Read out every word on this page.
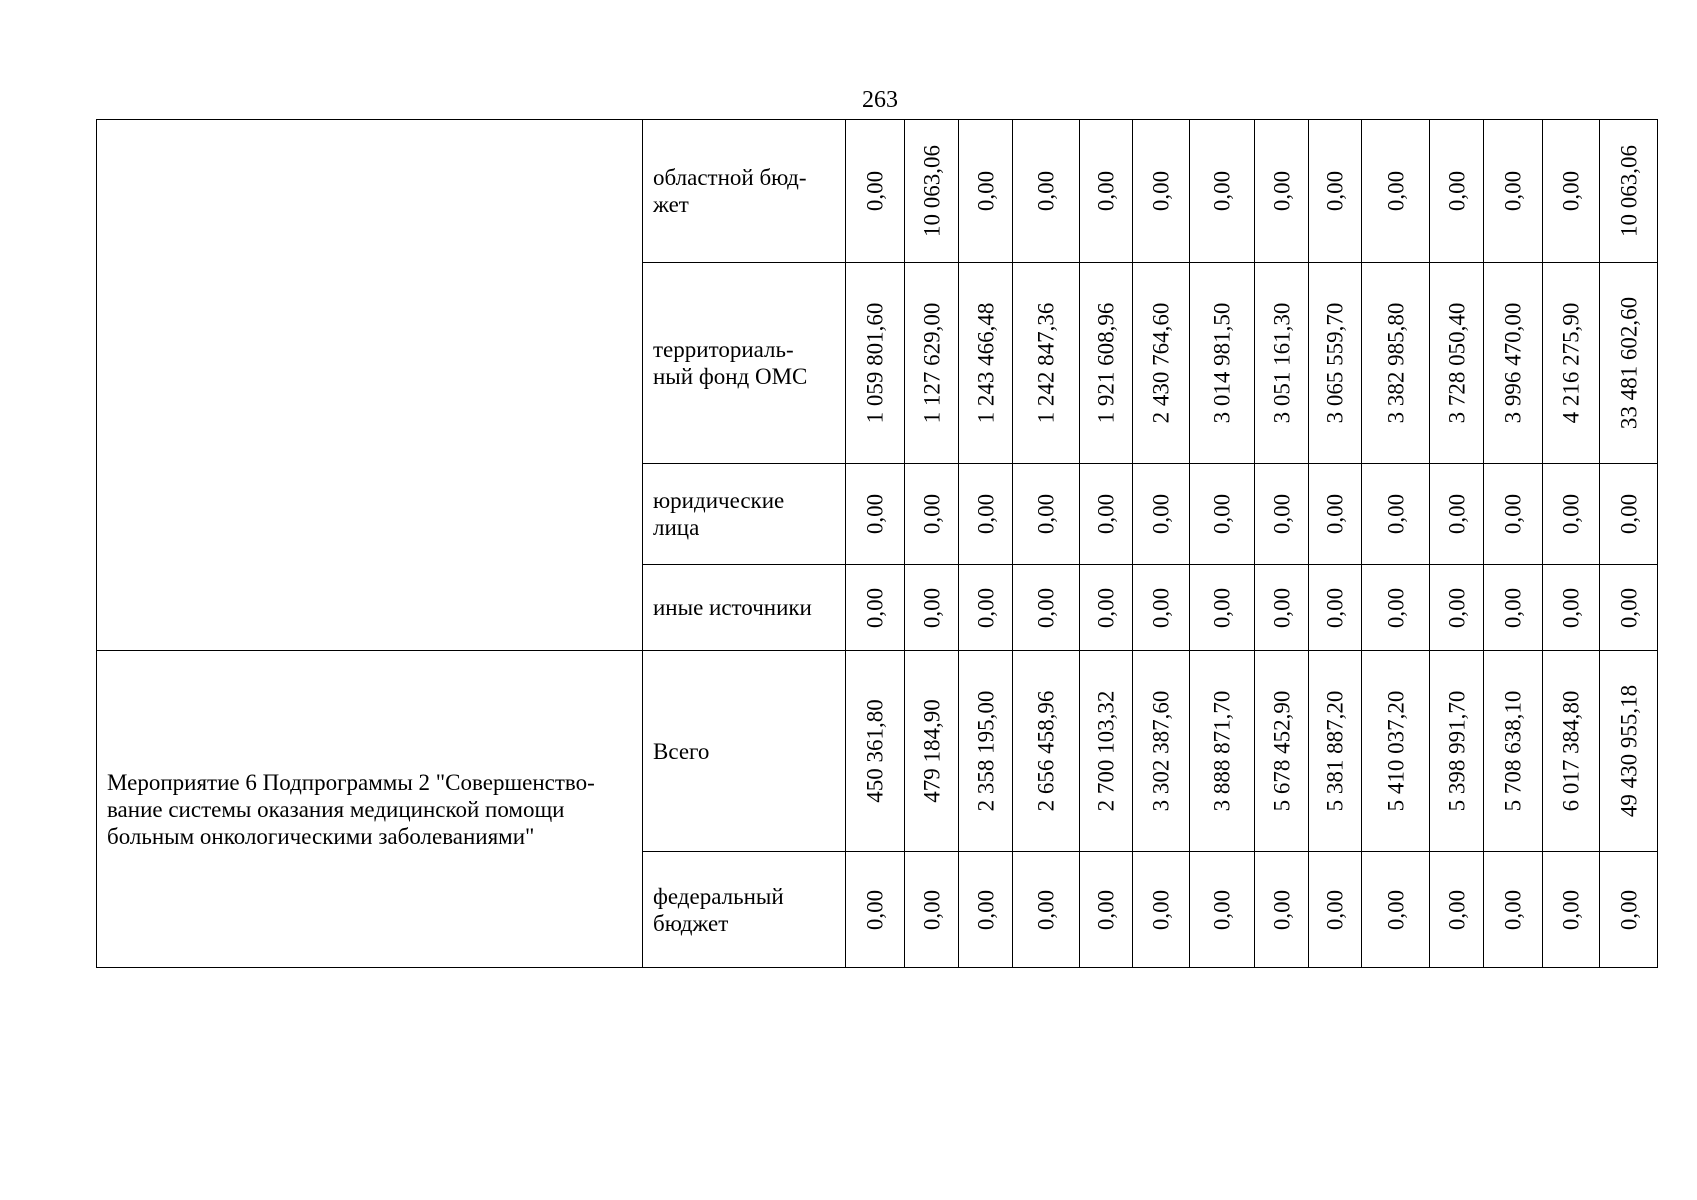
263

	областной бюд-
жет	0,00	10 063,06	0,00	0,00	0,00	0,00	0,00	0,00	0,00	0,00	0,00	0,00	0,00	10 063,06

	территориаль-
ный фонд ОМС	1 059 801,60	1 127 629,00	1 243 466,48	1 242 847,36	1 921 608,96	2 430 764,60	3 014 981,50	3 051 161,30	3 065 559,70	3 382 985,80	3 728 050,40	3 996 470,00	4 216 275,90	33 481 602,60

	юридические
лица	0,00	0,00	0,00	0,00	0,00	0,00	0,00	0,00	0,00	0,00	0,00	0,00	0,00	0,00

	иные источники	0,00	0,00	0,00	0,00	0,00	0,00	0,00	0,00	0,00	0,00	0,00	0,00	0,00	0,00

Мероприятие 6 Подпрограммы 2 "Совершенство-
вание системы оказания медицинской помощи
больным онкологическими заболеваниями"	Всего	450 361,80	479 184,90	2 358 195,00	2 656 458,96	2 700 103,32	3 302 387,60	3 888 871,70	5 678 452,90	5 381 887,20	5 410 037,20	5 398 991,70	5 708 638,10	6 017 384,80	49 430 955,18

	федеральный
бюджет	0,00	0,00	0,00	0,00	0,00	0,00	0,00	0,00	0,00	0,00	0,00	0,00	0,00	0,00
